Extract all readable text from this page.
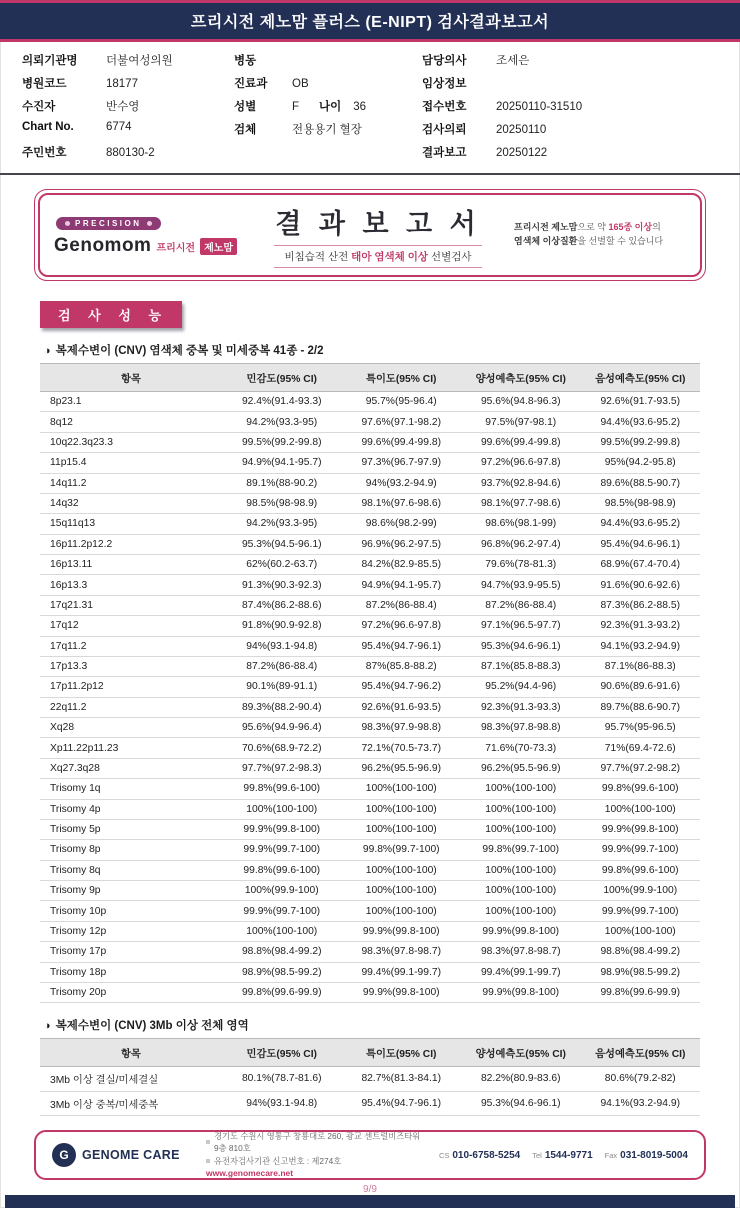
프리시전 제노맘 플러스 (E-NIPT) 검사결과보고서
의뢰기관명	더불여성의원
병원코드	18177
수진자	반수영
Chart No.	6774
주민번호	880130-2
병동
진료과	OB
성별	F 나이 36
검체	전용용기 혈장
담당의사	조세은
임상정보
접수번호	20250110-31510
검사의뢰	20250110
결과보고	20250122
PRECISION
Genomom 프리시전 제노맘
결 과 보 고 서
비침습적 산전 태아 염색체 이상 선별검사
프리시전 제노맘으로 약 165종 이상의
염색체 이상질환을 선별할 수 있습니다
검 사 성 능
◑ 복제수변이 (CNV) 염색체 중복 및 미세중복 41종 - 2/2
항목	민감도(95% CI)	특이도(95% CI)	양성예측도(95% CI)	음성예측도(95% CI)
8p23.1	92.4%(91.4-93.3)	95.7%(95-96.4)	95.6%(94.8-96.3)	92.6%(91.7-93.5)
8q12	94.2%(93.3-95)	97.6%(97.1-98.2)	97.5%(97-98.1)	94.4%(93.6-95.2)
10q22.3q23.3	99.5%(99.2-99.8)	99.6%(99.4-99.8)	99.6%(99.4-99.8)	99.5%(99.2-99.8)
11p15.4	94.9%(94.1-95.7)	97.3%(96.7-97.9)	97.2%(96.6-97.8)	95%(94.2-95.8)
14q11.2	89.1%(88-90.2)	94%(93.2-94.9)	93.7%(92.8-94.6)	89.6%(88.5-90.7)
14q32	98.5%(98-98.9)	98.1%(97.6-98.6)	98.1%(97.7-98.6)	98.5%(98-98.9)
15q11q13	94.2%(93.3-95)	98.6%(98.2-99)	98.6%(98.1-99)	94.4%(93.6-95.2)
16p11.2p12.2	95.3%(94.5-96.1)	96.9%(96.2-97.5)	96.8%(96.2-97.4)	95.4%(94.6-96.1)
16p13.11	62%(60.2-63.7)	84.2%(82.9-85.5)	79.6%(78-81.3)	68.9%(67.4-70.4)
16p13.3	91.3%(90.3-92.3)	94.9%(94.1-95.7)	94.7%(93.9-95.5)	91.6%(90.6-92.6)
17q21.31	87.4%(86.2-88.6)	87.2%(86-88.4)	87.2%(86-88.4)	87.3%(86.2-88.5)
17q12	91.8%(90.9-92.8)	97.2%(96.6-97.8)	97.1%(96.5-97.7)	92.3%(91.3-93.2)
17q11.2	94%(93.1-94.8)	95.4%(94.7-96.1)	95.3%(94.6-96.1)	94.1%(93.2-94.9)
17p13.3	87.2%(86-88.4)	87%(85.8-88.2)	87.1%(85.8-88.3)	87.1%(86-88.3)
17p11.2p12	90.1%(89-91.1)	95.4%(94.7-96.2)	95.2%(94.4-96)	90.6%(89.6-91.6)
22q11.2	89.3%(88.2-90.4)	92.6%(91.6-93.5)	92.3%(91.3-93.3)	89.7%(88.6-90.7)
Xq28	95.6%(94.9-96.4)	98.3%(97.9-98.8)	98.3%(97.8-98.8)	95.7%(95-96.5)
Xp11.22p11.23	70.6%(68.9-72.2)	72.1%(70.5-73.7)	71.6%(70-73.3)	71%(69.4-72.6)
Xq27.3q28	97.7%(97.2-98.3)	96.2%(95.5-96.9)	96.2%(95.5-96.9)	97.7%(97.2-98.2)
Trisomy 1q	99.8%(99.6-100)	100%(100-100)	100%(100-100)	99.8%(99.6-100)
Trisomy 4p	100%(100-100)	100%(100-100)	100%(100-100)	100%(100-100)
Trisomy 5p	99.9%(99.8-100)	100%(100-100)	100%(100-100)	99.9%(99.8-100)
Trisomy 8p	99.9%(99.7-100)	99.8%(99.7-100)	99.8%(99.7-100)	99.9%(99.7-100)
Trisomy 8q	99.8%(99.6-100)	100%(100-100)	100%(100-100)	99.8%(99.6-100)
Trisomy 9p	100%(99.9-100)	100%(100-100)	100%(100-100)	100%(99.9-100)
Trisomy 10p	99.9%(99.7-100)	100%(100-100)	100%(100-100)	99.9%(99.7-100)
Trisomy 12p	100%(100-100)	99.9%(99.8-100)	99.9%(99.8-100)	100%(100-100)
Trisomy 17p	98.8%(98.4-99.2)	98.3%(97.8-98.7)	98.3%(97.8-98.7)	98.8%(98.4-99.2)
Trisomy 18p	98.9%(98.5-99.2)	99.4%(99.1-99.7)	99.4%(99.1-99.7)	98.9%(98.5-99.2)
Trisomy 20p	99.8%(99.6-99.9)	99.9%(99.8-100)	99.9%(99.8-100)	99.8%(99.6-99.9)
◑ 복제수변이 (CNV) 3Mb 이상 전체 영역
항목	민감도(95% CI)	특이도(95% CI)	양성예측도(95% CI)	음성예측도(95% CI)
3Mb 이상 결실/미세결실	80.1%(78.7-81.6)	82.7%(81.3-84.1)	82.2%(80.9-83.6)	80.6%(79.2-82)
3Mb 이상 중복/미세중복	94%(93.1-94.8)	95.4%(94.7-96.1)	95.3%(94.6-96.1)	94.1%(93.2-94.9)
G	GENOME CARE
경기도 수원시 영통구 창룡대로 260, 광교 센트럴비즈타워 9층 810호
유전자검사기관 신고번호 : 제274호
www.genomecare.net
CS 010-6758-5254 Tel 1544-9771 Fax 031-8019-5004
9/9
